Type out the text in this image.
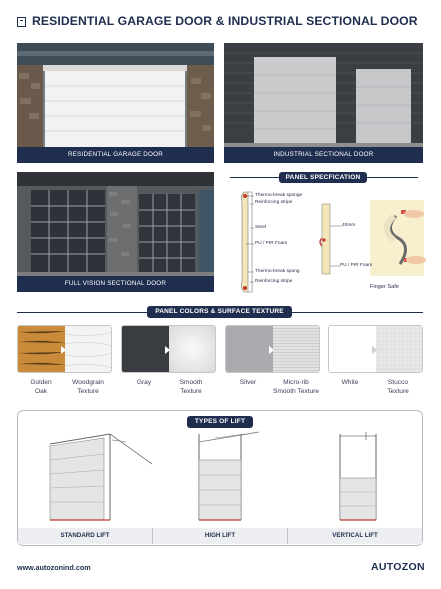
RESIDENTIAL GARAGE DOOR & INDUSTRIAL SECTIONAL DOOR
RESIDENTIAL GARAGE DOOR	INDUSTRIAL SECTIONAL DOOR
FULL VISION SECTIONAL DOOR
PANEL SPECFICATION
Thermo-break sponge
Reinforcing stripe
Steel
PU / PIR Foam
Thermo-break spong
Reinforcing stripe
40mm
PU / PIR Foam
Finger Safe
PANEL COLORS & SURFACE TEXTURE
Golden
Oak
Woodgrain
Texture
Gray	Smooth
Texture
Silver	Micro-rib
Smooth Texture
White	Stucco
Texture
TYPES OF LIFT
STANDARD LIFT	HIGH LIFT	VERTICAL LIFT
www.autozonind.com	AUTOZON
